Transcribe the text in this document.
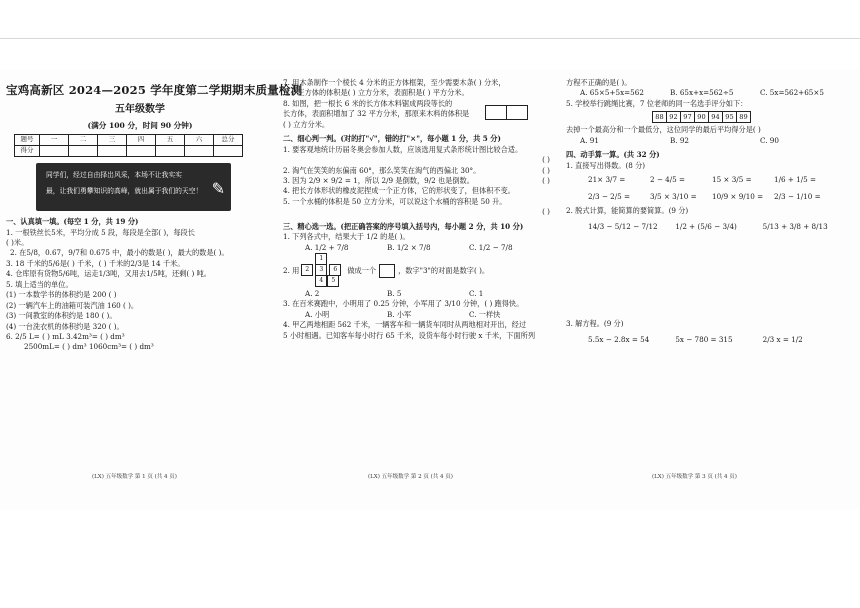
宝鸡高新区 2024—2025 学年度第二学期期末质量检测
五年级数学
(满分 100 分，时间 90 分钟)
题号	一	二	三	四	五	六	总分
得分							
同学们，经过自由择岀风采，本场不让我实实
最，让我们勇攀知识的高峰，就出属于我们的天空！ ✎
一、认真填一填。(每空 1 分，共 19 分)
1. 一根铁丝长5米，平均分成 5 段，每段是全部( )，每段长
( )米。
2. 在5/8，0.67，9/7和 0.675 中，最小的数是( )，最大的数是( )。
3. 18 千米的5/6是( ) 千米，( ) 千米的2/3是 14 千米。
4. 仓库原有货物5/6吨，运走1/3吨，又用去1/5吨，还剩( ) 吨。
5. 填上适当的单位。
(1) 一本数学书的体积约是 200 ( )
(2) 一辆汽车上的油箱可装汽油 160 ( )。
(3) 一间教室的体积约是 180 ( )。
(4) 一台洗衣机的体积约是 320 ( )。
6. 2/5 L= ( ) mL 3.42m³= ( ) dm³
2500mL= ( ) dm³ 1060cm³= ( ) dm³
(LX) 五年级数学 第 1 页 (共 4 页)
7. 用木条制作一个棱长 4 分米的正方体框架，至少需要木条( ) 分米，
这个正方体的体积是( ) 立方分米，表面积是( ) 平方分米。
8. 如图，把一根长 6 米的长方体木料锯成两段等长的
长方体，表面积增加了 32 平方分米，那原来木料的体积是
( ) 立方分米。
二、细心判一判。(对的打"√"，错的打"×"，每小题 1 分，共 5 分)
1. 要客观地统计历届冬奥会参加人数，应该选用复式条形统计图比较合适。
( )
2. 淘气在笑笑的东偏南 60°，那么笑笑在淘气的西偏北 30°。	( )
3. 因为 2/9 × 9/2 = 1，所以 2/9 是倒数，9/2 也是倒数。	( )
4. 把长方体形状的橡皮泥捏成一个正方体，它的形状变了，但体积不变。
5. 一个水桶的体积是 50 立方分米，可以说这个水桶的容积是 50 升。
( )
三、精心选一选。(把正确答案的序号填入括号内，每小题 2 分，共 10 分)
1. 下列各式中，结果大于 1/2 的是( )。
A. 1/2 + 7/8	B. 1/2 × 7/8	C. 1/2 − 7/8
2. 用
1
2	3
4	5
6	做成一个	，数字"3"的对面是数字( )。
A. 2	B. 5	C. 1
3. 在百米赛跑中，小明用了 0.25 分钟，小军用了 3/10 分钟，( ) 跑得快。
A. 小明	B. 小军	C. 一样快
4. 甲乙两地相距 562 千米，一辆客车和一辆货车同时从两地相对开出，经过
5 小时相遇。已知客车每小时行 65 千米，设货车每小时行驶 x 千米，下面所列
(LX) 五年级数学 第 2 页 (共 4 页)
方程不正确的是( )。
A. 65×5+5x=562	B. 65x+x=562÷5	C. 5x=562+65×5
5. 学校举行跳绳比赛，7 位老师的同一名选手评分如下：
88	92	97	90	94	95	89
去掉一个最高分和一个最低分，这位同学的最后平均得分是( )
A. 91	B. 92	C. 90
四、动手算一算。(共 32 分)
1. 直接写出得数。(8 分)
21× 3/7 =	2 − 4/5 =	15 × 3/5 =	1/6 + 1/5 =
2/3 − 2/5 =	3/5 × 3/10 =	10/9 × 9/10 =	2/3 − 1/10 =
2. 脱式计算，能简算的要简算。(9 分)
14/3 − 5/12 − 7/12	1/2 + (5/6 − 3/4)	5/13 + 3/8 + 8/13
3. 解方程。(9 分)
5.5x − 2.8x = 54	5x − 780 = 315	2/3 x = 1/2
(LX) 五年级数学 第 3 页 (共 4 页)
